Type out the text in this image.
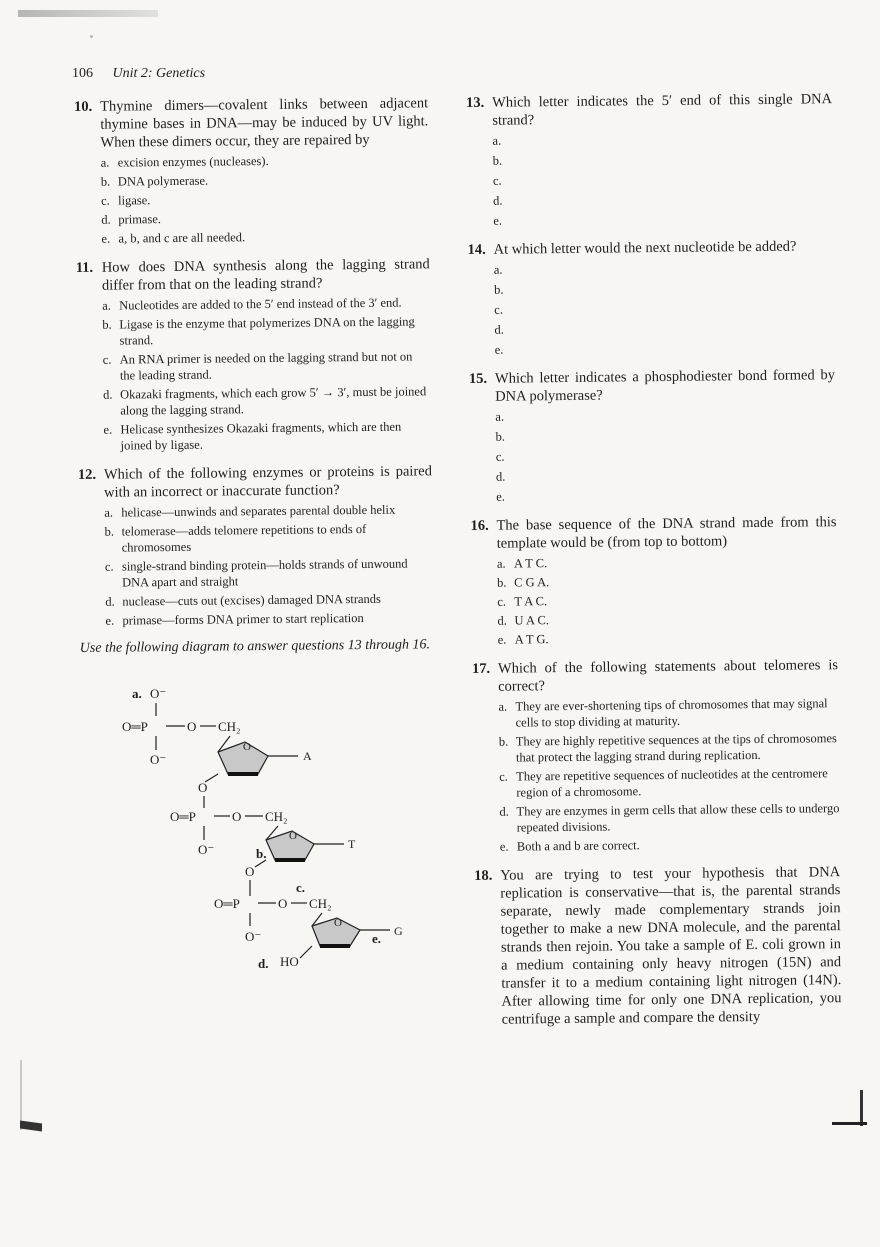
106 Unit 2: Genetics
10. Thymine dimers—covalent links between adjacent thymine bases in DNA—may be induced by UV light. When these dimers occur, they are repaired by
a. excision enzymes (nucleases).
b. DNA polymerase.
c. ligase.
d. primase.
e. a, b, and c are all needed.
11. How does DNA synthesis along the lagging strand differ from that on the leading strand?
a. Nucleotides are added to the 5′ end instead of the 3′ end.
b. Ligase is the enzyme that polymerizes DNA on the lagging strand.
c. An RNA primer is needed on the lagging strand but not on the leading strand.
d. Okazaki fragments, which each grow 5′ → 3′, must be joined along the lagging strand.
e. Helicase synthesizes Okazaki fragments, which are then joined by ligase.
12. Which of the following enzymes or proteins is paired with an incorrect or inaccurate function?
a. helicase—unwinds and separates parental double helix
b. telomerase—adds telomere repetitions to ends of chromosomes
c. single-strand binding protein—holds strands of unwound DNA apart and straight
d. nuclease—cuts out (excises) damaged DNA strands
e. primase—forms DNA primer to start replication
Use the following diagram to answer questions 13 through 16.
a. O⁻
O═P	O CH₂
O⁻
O
A
O
O═P	O CH₂
O⁻
O
T
b.
O
c.
O═P	O CH₂
O⁻
O
G
e.
HO
d.
13. Which letter indicates the 5′ end of this single DNA strand?
a.
b.
c.
d.
e.
14. At which letter would the next nucleotide be added?
a.
b.
c.
d.
e.
15. Which letter indicates a phosphodiester bond formed by DNA polymerase?
a.
b.
c.
d.
e.
16. The base sequence of the DNA strand made from this template would be (from top to bottom)
a. A T C.
b. C G A.
c. T A C.
d. U A C.
e. A T G.
17. Which of the following statements about telomeres is correct?
a. They are ever-shortening tips of chromosomes that may signal cells to stop dividing at maturity.
b. They are highly repetitive sequences at the tips of chromosomes that protect the lagging strand during replication.
c. They are repetitive sequences of nucleotides at the centromere region of a chromosome.
d. They are enzymes in germ cells that allow these cells to undergo repeated divisions.
e. Both a and b are correct.
18. You are trying to test your hypothesis that DNA replication is conservative—that is, the parental strands separate, newly made complementary strands join together to make a new DNA molecule, and the parental strands then rejoin. You take a sample of E. coli grown in a medium containing only heavy nitrogen (15N) and transfer it to a medium containing light nitrogen (14N). After allowing time for only one DNA replication, you centrifuge a sample and compare the density
